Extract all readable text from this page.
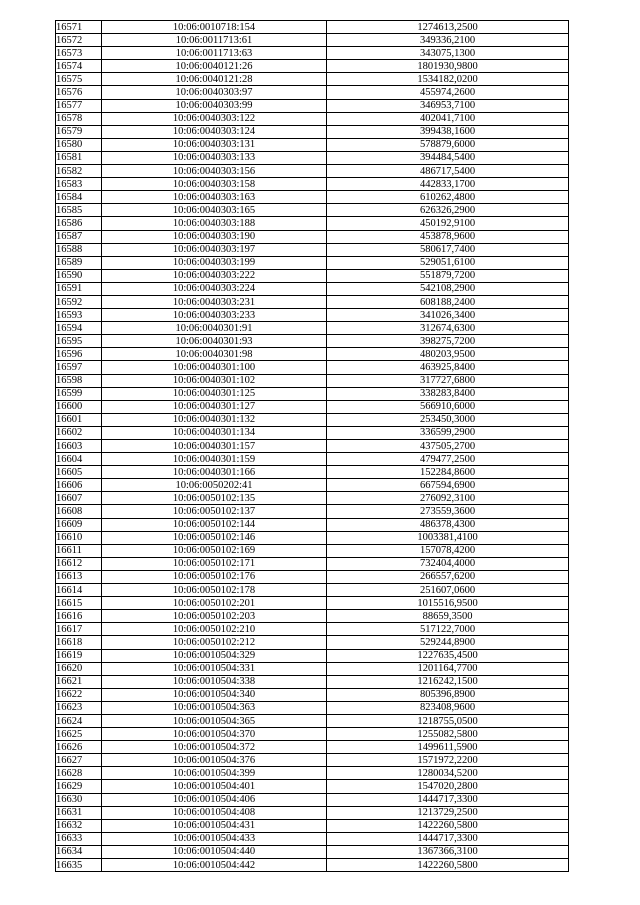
16571	10:06:0010718:154	1274613,2500
16572	10:06:0011713:61	349336,2100
16573	10:06:0011713:63	343075,1300
16574	10:06:0040121:26	1801930,9800
16575	10:06:0040121:28	1534182,0200
16576	10:06:0040303:97	455974,2600
16577	10:06:0040303:99	346953,7100
16578	10:06:0040303:122	402041,7100
16579	10:06:0040303:124	399438,1600
16580	10:06:0040303:131	578879,6000
16581	10:06:0040303:133	394484,5400
16582	10:06:0040303:156	486717,5400
16583	10:06:0040303:158	442833,1700
16584	10:06:0040303:163	610262,4800
16585	10:06:0040303:165	626326,2900
16586	10:06:0040303:188	450192,9100
16587	10:06:0040303:190	453878,9600
16588	10:06:0040303:197	580617,7400
16589	10:06:0040303:199	529051,6100
16590	10:06:0040303:222	551879,7200
16591	10:06:0040303:224	542108,2900
16592	10:06:0040303:231	608188,2400
16593	10:06:0040303:233	341026,3400
16594	10:06:0040301:91	312674,6300
16595	10:06:0040301:93	398275,7200
16596	10:06:0040301:98	480203,9500
16597	10:06:0040301:100	463925,8400
16598	10:06:0040301:102	317727,6800
16599	10:06:0040301:125	338283,8400
16600	10:06:0040301:127	566910,6000
16601	10:06:0040301:132	253450,3000
16602	10:06:0040301:134	336599,2900
16603	10:06:0040301:157	437505,2700
16604	10:06:0040301:159	479477,2500
16605	10:06:0040301:166	152284,8600
16606	10:06:0050202:41	667594,6900
16607	10:06:0050102:135	276092,3100
16608	10:06:0050102:137	273559,3600
16609	10:06:0050102:144	486378,4300
16610	10:06:0050102:146	1003381,4100
16611	10:06:0050102:169	157078,4200
16612	10:06:0050102:171	732404,4000
16613	10:06:0050102:176	266557,6200
16614	10:06:0050102:178	251607,0600
16615	10:06:0050102:201	1015516,9500
16616	10:06:0050102:203	88659,3500
16617	10:06:0050102:210	517122,7000
16618	10:06:0050102:212	529244,8900
16619	10:06:0010504:329	1227635,4500
16620	10:06:0010504:331	1201164,7700
16621	10:06:0010504:338	1216242,1500
16622	10:06:0010504:340	805396,8900
16623	10:06:0010504:363	823408,9600
16624	10:06:0010504:365	1218755,0500
16625	10:06:0010504:370	1255082,5800
16626	10:06:0010504:372	1499611,5900
16627	10:06:0010504:376	1571972,2200
16628	10:06:0010504:399	1280034,5200
16629	10:06:0010504:401	1547020,2800
16630	10:06:0010504:406	1444717,3300
16631	10:06:0010504:408	1213729,2500
16632	10:06:0010504:431	1422260,5800
16633	10:06:0010504:433	1444717,3300
16634	10:06:0010504:440	1367366,3100
16635	10:06:0010504:442	1422260,5800
